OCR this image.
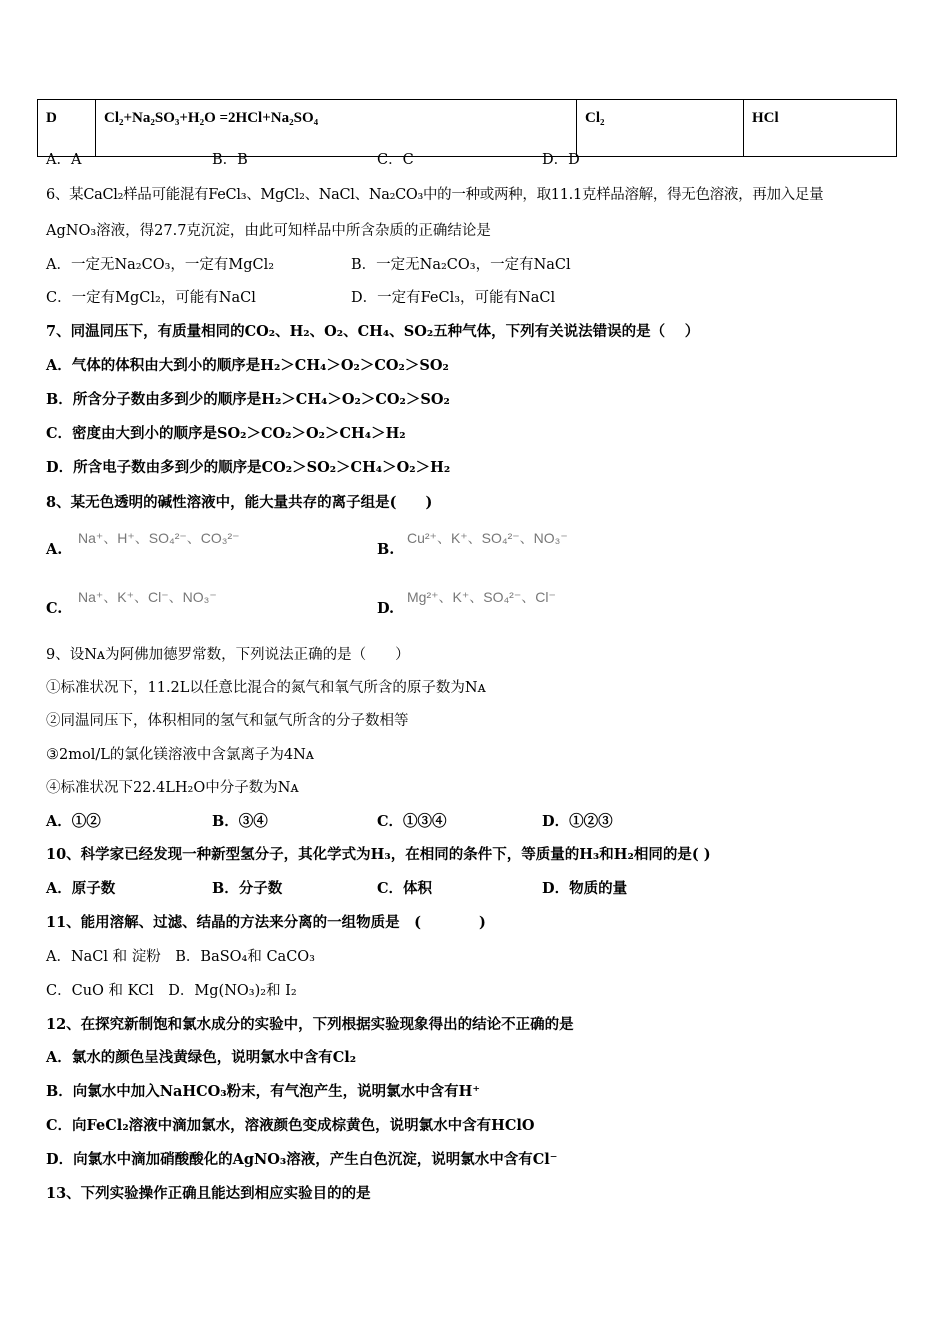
D	Cl₂+Na₂SO₃+H₂O =2HCl+Na₂SO₄	Cl₂	HCl
A．A	B．B	C．C	D．D
6、某CaCl₂样品可能混有FeCl₃、MgCl₂、NaCl、Na₂CO₃中的一种或两种，取11.1克样品溶解，得无色溶液，再加入足量
AgNO₃溶液，得27.7克沉淀，由此可知样品中所含杂质的正确结论是
A．一定无Na₂CO₃，一定有MgCl₂	B．一定无Na₂CO₃，一定有NaCl
C．一定有MgCl₂，可能有NaCl	D．一定有FeCl₃，可能有NaCl
7、同温同压下，有质量相同的CO₂、H₂、O₂、CH₄、SO₂五种气体，下列有关说法错误的是（　 ）
A．气体的体积由大到小的顺序是H₂＞CH₄＞O₂＞CO₂＞SO₂
B．所含分子数由多到少的顺序是H₂＞CH₄＞O₂＞CO₂＞SO₂
C．密度由大到小的顺序是SO₂＞CO₂＞O₂＞CH₄＞H₂
D．所含电子数由多到少的顺序是CO₂＞SO₂＞CH₄＞O₂＞H₂
8、某无色透明的碱性溶液中，能大量共存的离子组是(　　)
A.
Na⁺、H⁺、SO₄²⁻、CO₃²⁻
B.
Cu²⁺、K⁺、SO₄²⁻、NO₃⁻
C.
Na⁺、K⁺、Cl⁻、NO₃⁻
D.
Mg²⁺、K⁺、SO₄²⁻、Cl⁻
9、设Nᴀ为阿佛加德罗常数，下列说法正确的是（　　）
①标准状况下，11.2L以任意比混合的氮气和氧气所含的原子数为Nᴀ
②同温同压下，体积相同的氢气和氩气所含的分子数相等
③2mol/L的氯化镁溶液中含氯离子为4Nᴀ
④标准状况下22.4LH₂O中分子数为Nᴀ
A．①②	B．③④	C．①③④	D．①②③
10、科学家已经发现一种新型氢分子，其化学式为H₃，在相同的条件下，等质量的H₃和H₂相同的是( )
A．原子数	B．分子数	C．体积	D．物质的量
11、能用溶解、过滤、结晶的方法来分离的一组物质是　(　　　　)
A．NaCl 和 淀粉　B．BaSO₄和 CaCO₃
C．CuO 和 KCl　D．Mg(NO₃)₂和 I₂
12、在探究新制饱和氯水成分的实验中，下列根据实验现象得出的结论不正确的是
A．氯水的颜色呈浅黄绿色，说明氯水中含有Cl₂
B．向氯水中加入NaHCO₃粉末，有气泡产生，说明氯水中含有H⁺
C．向FeCl₂溶液中滴加氯水，溶液颜色变成棕黄色，说明氯水中含有HClO
D．向氯水中滴加硝酸酸化的AgNO₃溶液，产生白色沉淀，说明氯水中含有Cl⁻
13、下列实验操作正确且能达到相应实验目的的是
